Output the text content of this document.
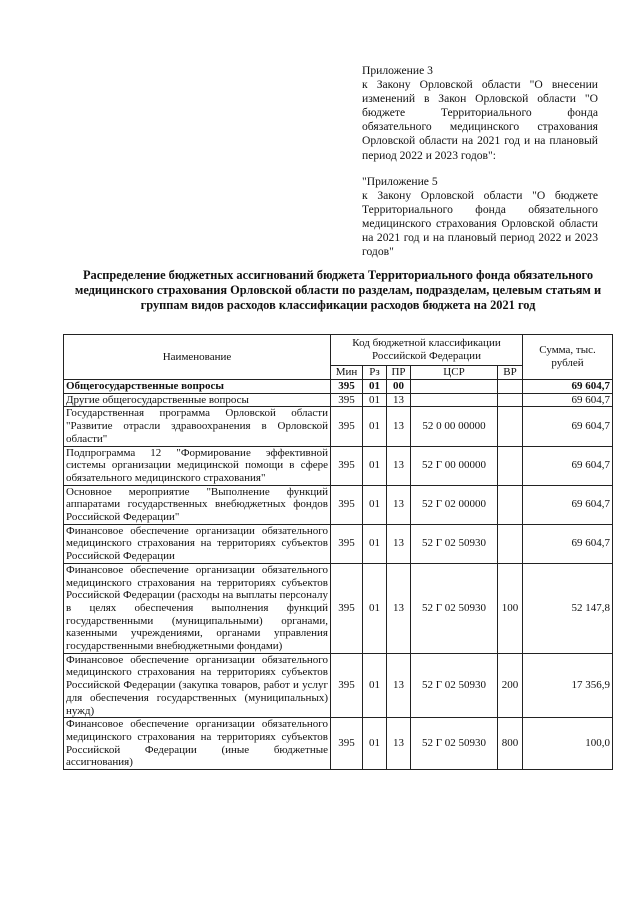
Приложение 3
к Закону Орловской области "О внесении изменений в Закон Орловской области "О бюджете Территориального фонда обязательного медицинского страхования Орловской области на 2021 год и на плановый период 2022 и 2023 годов":
"Приложение 5
к Закону Орловской области "О бюджете Территориального фонда обязательного медицинского страхования Орловской области на 2021 год и на плановый период 2022 и 2023 годов"
Распределение бюджетных ассигнований бюджета Территориального фонда обязательного медицинского страхования Орловской области по разделам, подразделам, целевым статьям и группам видов расходов классификации расходов бюджета на 2021 год
Наименование	Код бюджетной классификации Российской Федерации					Сумма, тыс. рублей
	Мин	Рз	ПР	ЦСР	ВР	
Общегосударственные вопросы	395	01	00			69 604,7
Другие общегосударственные вопросы	395	01	13			69 604,7
Государственная программа Орловской области "Развитие отрасли здравоохранения в Орловской области"	395	01	13	52 0 00 00000		69 604,7
Подпрограмма 12 "Формирование эффективной системы организации медицинской помощи в сфере обязательного медицинского страхования"	395	01	13	52 Г 00 00000		69 604,7
Основное мероприятие "Выполнение функций аппаратами государственных внебюджетных фондов Российской Федерации"	395	01	13	52 Г 02 00000		69 604,7
Финансовое обеспечение организации обязательного медицинского страхования на территориях субъектов Российской Федерации	395	01	13	52 Г 02 50930		69 604,7
Финансовое обеспечение организации обязательного медицинского страхования на территориях субъектов Российской Федерации (расходы на выплаты персоналу в целях обеспечения выполнения функций государственными (муниципальными) органами, казенными учреждениями, органами управления государственными внебюджетными фондами)	395	01	13	52 Г 02 50930	100	52 147,8
Финансовое обеспечение организации обязательного медицинского страхования на территориях субъектов Российской Федерации (закупка товаров, работ и услуг для обеспечения государственных (муниципальных) нужд)	395	01	13	52 Г 02 50930	200	17 356,9
Финансовое обеспечение организации обязательного медицинского страхования на территориях субъектов Российской Федерации (иные бюджетные ассигнования)	395	01	13	52 Г 02 50930	800	100,0
